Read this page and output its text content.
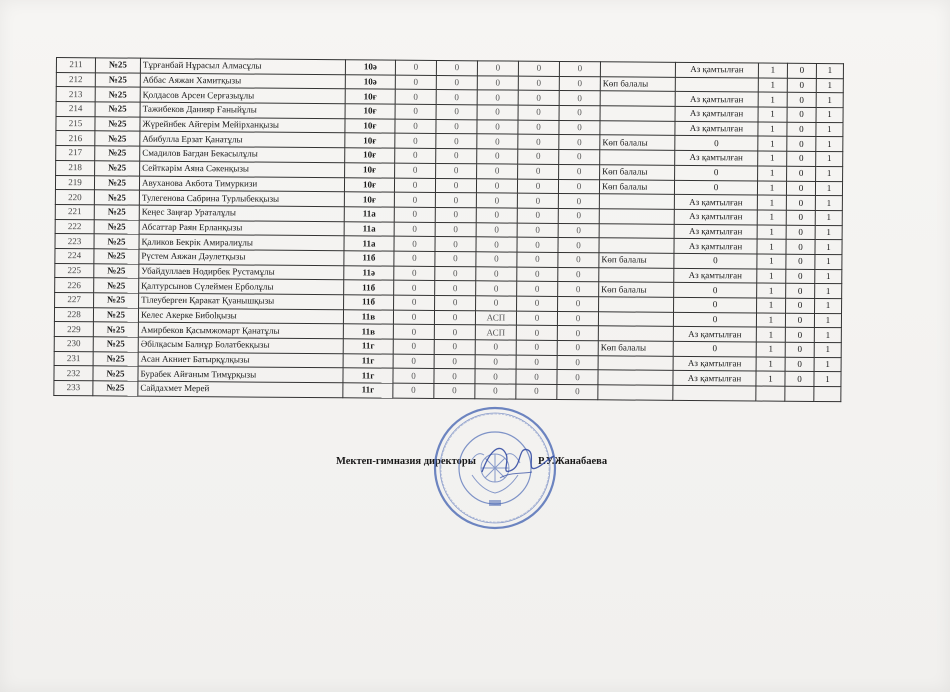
211	№25	Тұрғанбай Нұрасыл Алмасұлы	10ә	0	0	0	0	0		Аз қамтылған	1	0	1
212	№25	Аббас Аяжан Хамитқызы	10ә	0	0	0	0	0	Көп балалы		1	0	1
213	№25	Қолдасов Арсен Серғазыұлы	10ғ	0	0	0	0	0		Аз қамтылған	1	0	1
214	№25	Тажибеков Данияр Ғаныйұлы	10ғ	0	0	0	0	0		Аз қамтылған	1	0	1
215	№25	Жүрейнбек Айгерім Мейірханқызы	10ғ	0	0	0	0	0		Аз қамтылған	1	0	1
216	№25	Абибулла Ерзат Қанатұлы	10ғ	0	0	0	0	0	Көп балалы	0	1	0	1
217	№25	Смадилов Багдан Бекасылұлы	10ғ	0	0	0	0	0		Аз қамтылған	1	0	1
218	№25	Сейткәрім Аяна Сәкенқызы	10ғ	0	0	0	0	0	Көп балалы	0	1	0	1
219	№25	Авуханова Акбота Тимуркизи	10ғ	0	0	0	0	0	Көп балалы	0	1	0	1
220	№25	Тулегенова Сабрина Турлыбекқызы	10ғ	0	0	0	0	0		Аз қамтылған	1	0	1
221	№25	Кеңес Заңғар Ураталұлы	11а	0	0	0	0	0		Аз қамтылған	1	0	1
222	№25	Абсаттар Раян Ерланқызы	11а	0	0	0	0	0		Аз қамтылған	1	0	1
223	№25	Қаликов Бекрік Амиралиұлы	11а	0	0	0	0	0		Аз қамтылған	1	0	1
224	№25	Рүстем Аяжан Дәулетқызы	11б	0	0	0	0	0	Көп балалы	0	1	0	1
225	№25	Убайдуллаев Нодирбек Рустамұлы	11ә	0	0	0	0	0		Аз қамтылған	1	0	1
226	№25	Қалтурсынов Сүлеймен Ерболұлы	11б	0	0	0	0	0	Көп балалы	0	1	0	1
227	№25	Тілеуберген Қаракат Қуанышқызы	11б	0	0	0	0	0		0	1	0	1
228	№25	Келес Акерке Бибоlқызы	11в	0	0	АСП	0	0		0	1	0	1
229	№25	Амирбеков Қасымжомарт Қанатұлы	11в	0	0	АСП	0	0		Аз қамтылған	1	0	1
230	№25	Әбілқасым Балнұр Болатбекқызы	11г	0	0	0	0	0	Көп балалы	0	1	0	1
231	№25	Асан Акниет Батырқұлқызы	11г	0	0	0	0	0		Аз қамтылған	1	0	1
232	№25	Бурабек Айғаным Тимұрқызы	11г	0	0	0	0	0		Аз қамтылған	1	0	1
233	№25	Сайдахмет Мерей	11г	0	0	0	0	0					
Мектеп-гимназия директоры	Р.У.Жанабаева
